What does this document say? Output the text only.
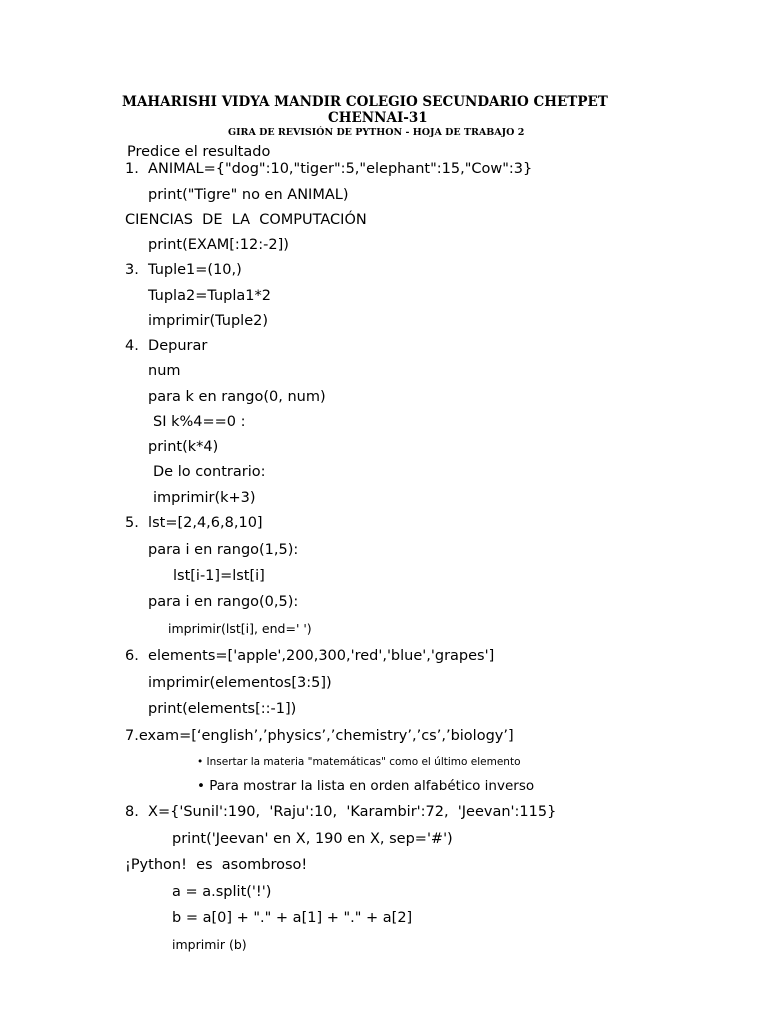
MAHARISHI VIDYA MANDIR COLEGIO SECUNDARIO CHETPET
CHENNAI-31
GIRA DE REVISIÓN DE PYTHON - HOJA DE TRABAJO 2
Predice el resultado
1.  ANIMAL={"dog":10,"tiger":5,"elephant":15,"Cow":3}
print("Tigre" no en ANIMAL)
CIENCIAS  DE  LA  COMPUTACIÓN
print(EXAM[:12:-2])
3.  Tuple1=(10,)
Tupla2=Tupla1*2
imprimir(Tuple2)
4.  Depurar
num
para k en rango(0, num)
SI k%4==0 :
print(k*4)
De lo contrario:
imprimir(k+3)
5.  lst=[2,4,6,8,10]
para i en rango(1,5):
lst[i-1]=lst[i]
para i en rango(0,5):
imprimir(lst[i], end=' ')
6.  elements=['apple',200,300,'red','blue','grapes']
imprimir(elementos[3:5])
print(elements[::-1])
7.exam=[‘english’,’physics’,’chemistry’,’cs’,’biology’]
• Insertar la materia "matemáticas" como el último elemento
• Para mostrar la lista en orden alfabético inverso
8.  X={'Sunil':190,  'Raju':10,  'Karambir':72,  'Jeevan':115}
print('Jeevan' en X, 190 en X, sep='#')
¡Python!  es  asombroso!
a = a.split('!')
b = a[0] + "." + a[1] + "." + a[2]
imprimir (b)
